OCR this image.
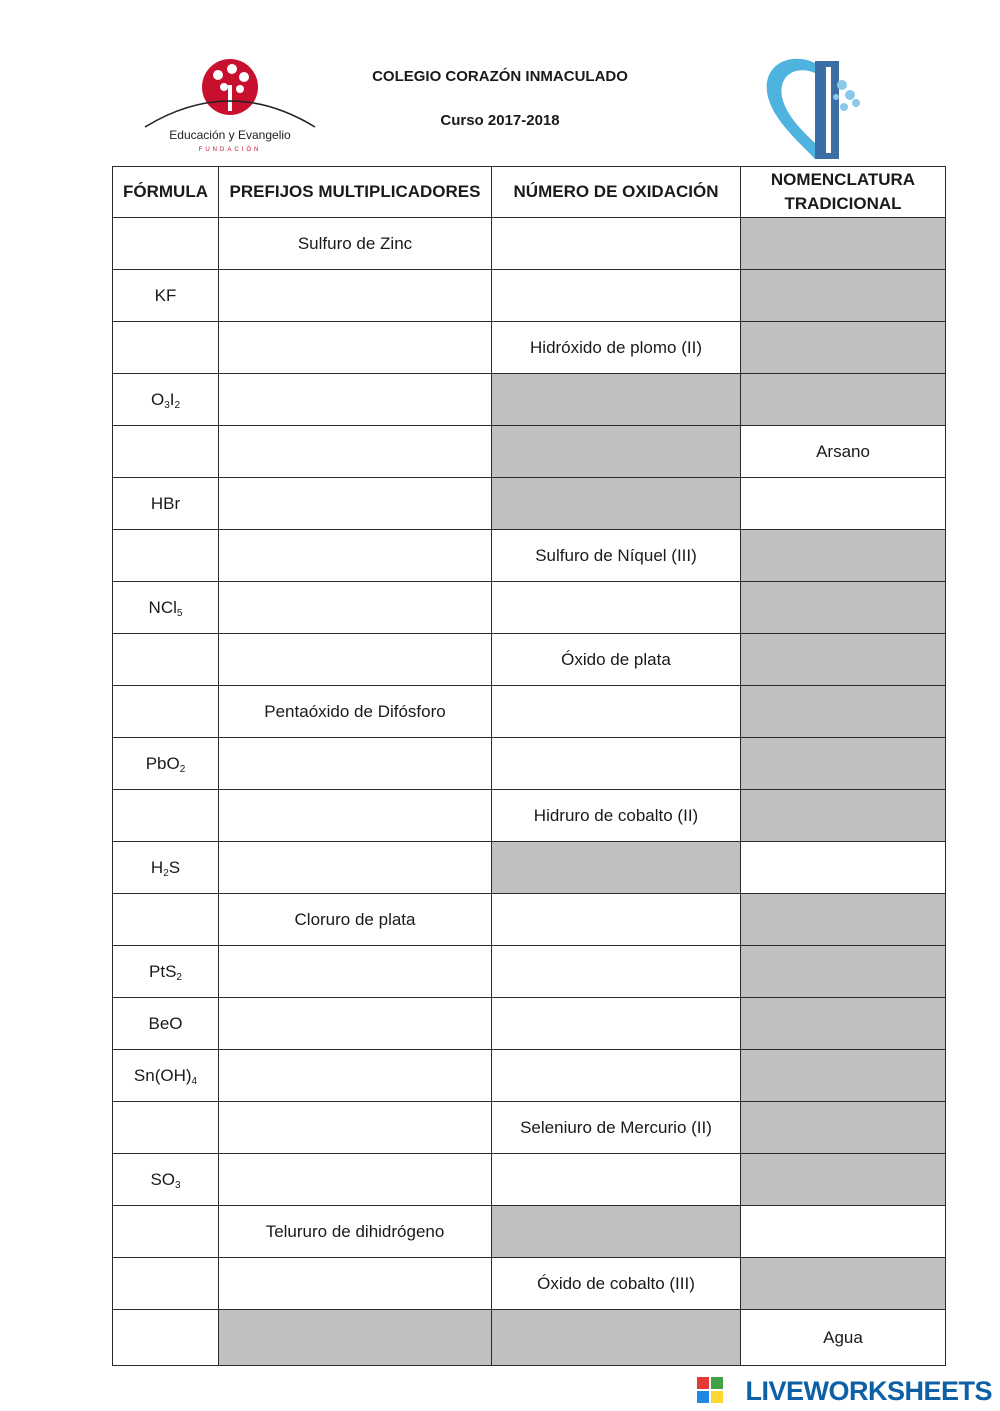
Educación y Evangelio
FUNDACIÓN
COLEGIO CORAZÓN INMACULADO
Curso 2017-2018
FÓRMULA	PREFIJOS MULTIPLICADORES	NÚMERO DE OXIDACIÓN	NOMENCLATURA TRADICIONAL
	Sulfuro de Zinc		
KF			
		Hidróxido de plomo (II)	
$O_3I_2$			
			Arsano
HBr			
		Sulfuro de Níquel (III)	
NCl$_5$			
		Óxido de plata	
	Pentaóxido de Difósforo		
PbO$_2$			
		Hidruro de cobalto (II)	
$H_2S$			
	Cloruro de plata		
PtS$_2$			
BeO			
$Sn(OH)_4$			
		Seleniuro de Mercurio (II)	
$SO_3$			
	Telururo de dihidrógeno		
		Óxido de cobalto (III)	
			Agua
LIVEWORKSHEETS
